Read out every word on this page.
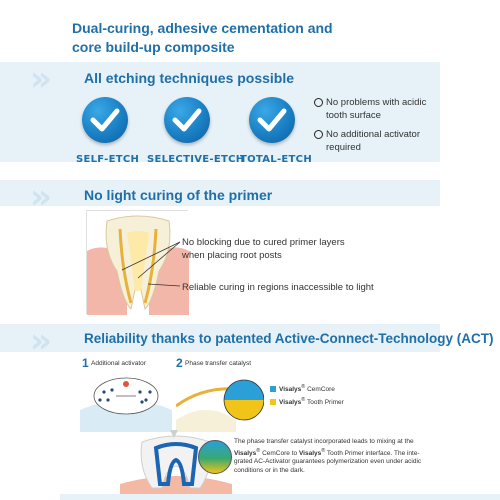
Dual-curing, adhesive cementation and
core build-up composite
» All etching techniques possible
SELF-ETCH SELECTIVE-ETCH
TOTAL-ETCH
No problems with acidic
tooth surface
No additional activator
required
» No light curing of the primer
No blocking due to cured primer layers
when placing root posts
Reliable curing in regions inaccessible to light
» Reliability thanks to patented Active-Connect-Technology (ACT)
1 Additional activator	2 Phase transfer catalyst
Visalys® CemCore
Visalys® Tooth Primer
The phase transfer catalyst incorporated leads to mixing at the
Visalys® CemCore to Visalys® Tooth Primer interface. The inte-
grated AC-Activator guarantees polymerization even under acidic
conditions or in the dark.
